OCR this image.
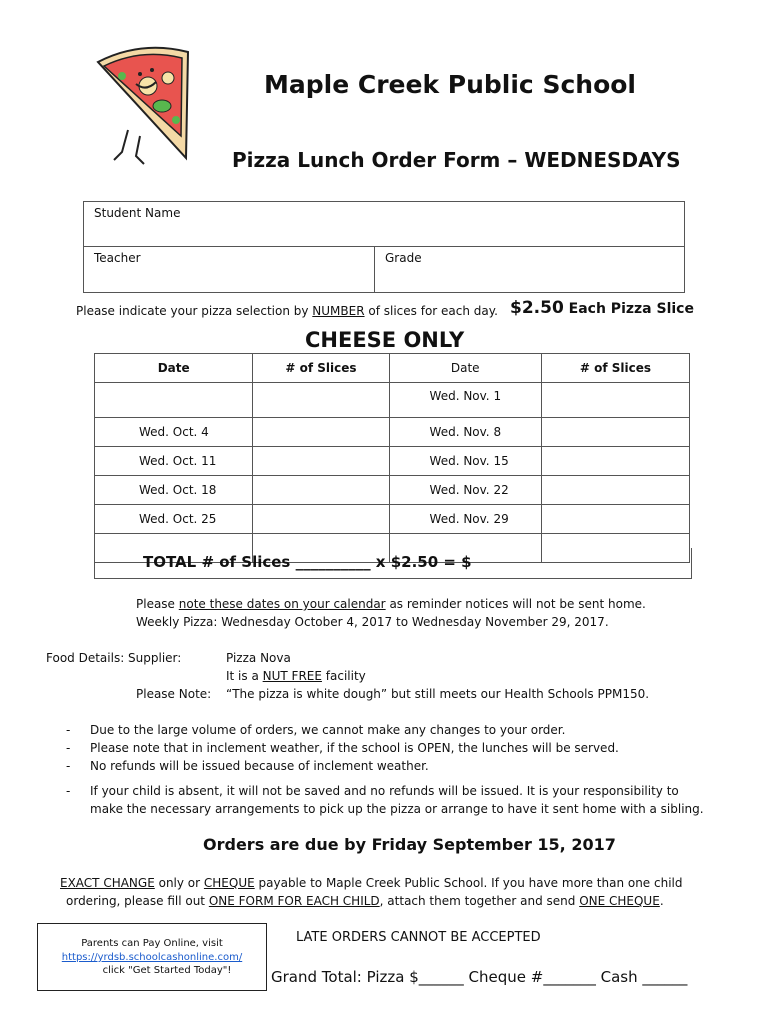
Maple Creek Public School
Pizza Lunch Order Form – WEDNESDAYS
Student Name
Teacher	Grade
Please indicate your pizza selection by NUMBER of slices for each day. $2.50 Each Pizza Slice
CHEESE ONLY
Date	# of Slices	Date	# of Slices
		Wed. Nov. 1	
Wed. Oct. 4		Wed. Nov. 8	
Wed. Oct. 11		Wed. Nov. 15	
Wed. Oct. 18		Wed. Nov. 22	
Wed. Oct. 25		Wed. Nov. 29	

TOTAL # of Slices __________ x $2.50 = $
Please note these dates on your calendar as reminder notices will not be sent home.
Weekly Pizza: Wednesday October 4, 2017 to Wednesday November 29, 2017.
Food Details: Supplier:	Pizza Nova
It is a NUT FREE facility
Please Note: “The pizza is white dough” but still meets our Health Schools PPM150.
- Due to the large volume of orders, we cannot make any changes to your order.
- Please note that in inclement weather, if the school is OPEN, the lunches will be served.
- No refunds will be issued because of inclement weather.
- If your child is absent, it will not be saved and no refunds will be issued. It is your responsibility to
make the necessary arrangements to pick up the pizza or arrange to have it sent home with a sibling.
Orders are due by Friday September 15, 2017
EXACT CHANGE only or CHEQUE payable to Maple Creek Public School. If you have more than one child
ordering, please fill out ONE FORM FOR EACH CHILD, attach them together and send ONE CHEQUE.
Parents can Pay Online, visit
https://yrdsb.schoolcashonline.com/
click "Get Started Today"!
LATE ORDERS CANNOT BE ACCEPTED
Grand Total: Pizza $______ Cheque #_______ Cash ______
